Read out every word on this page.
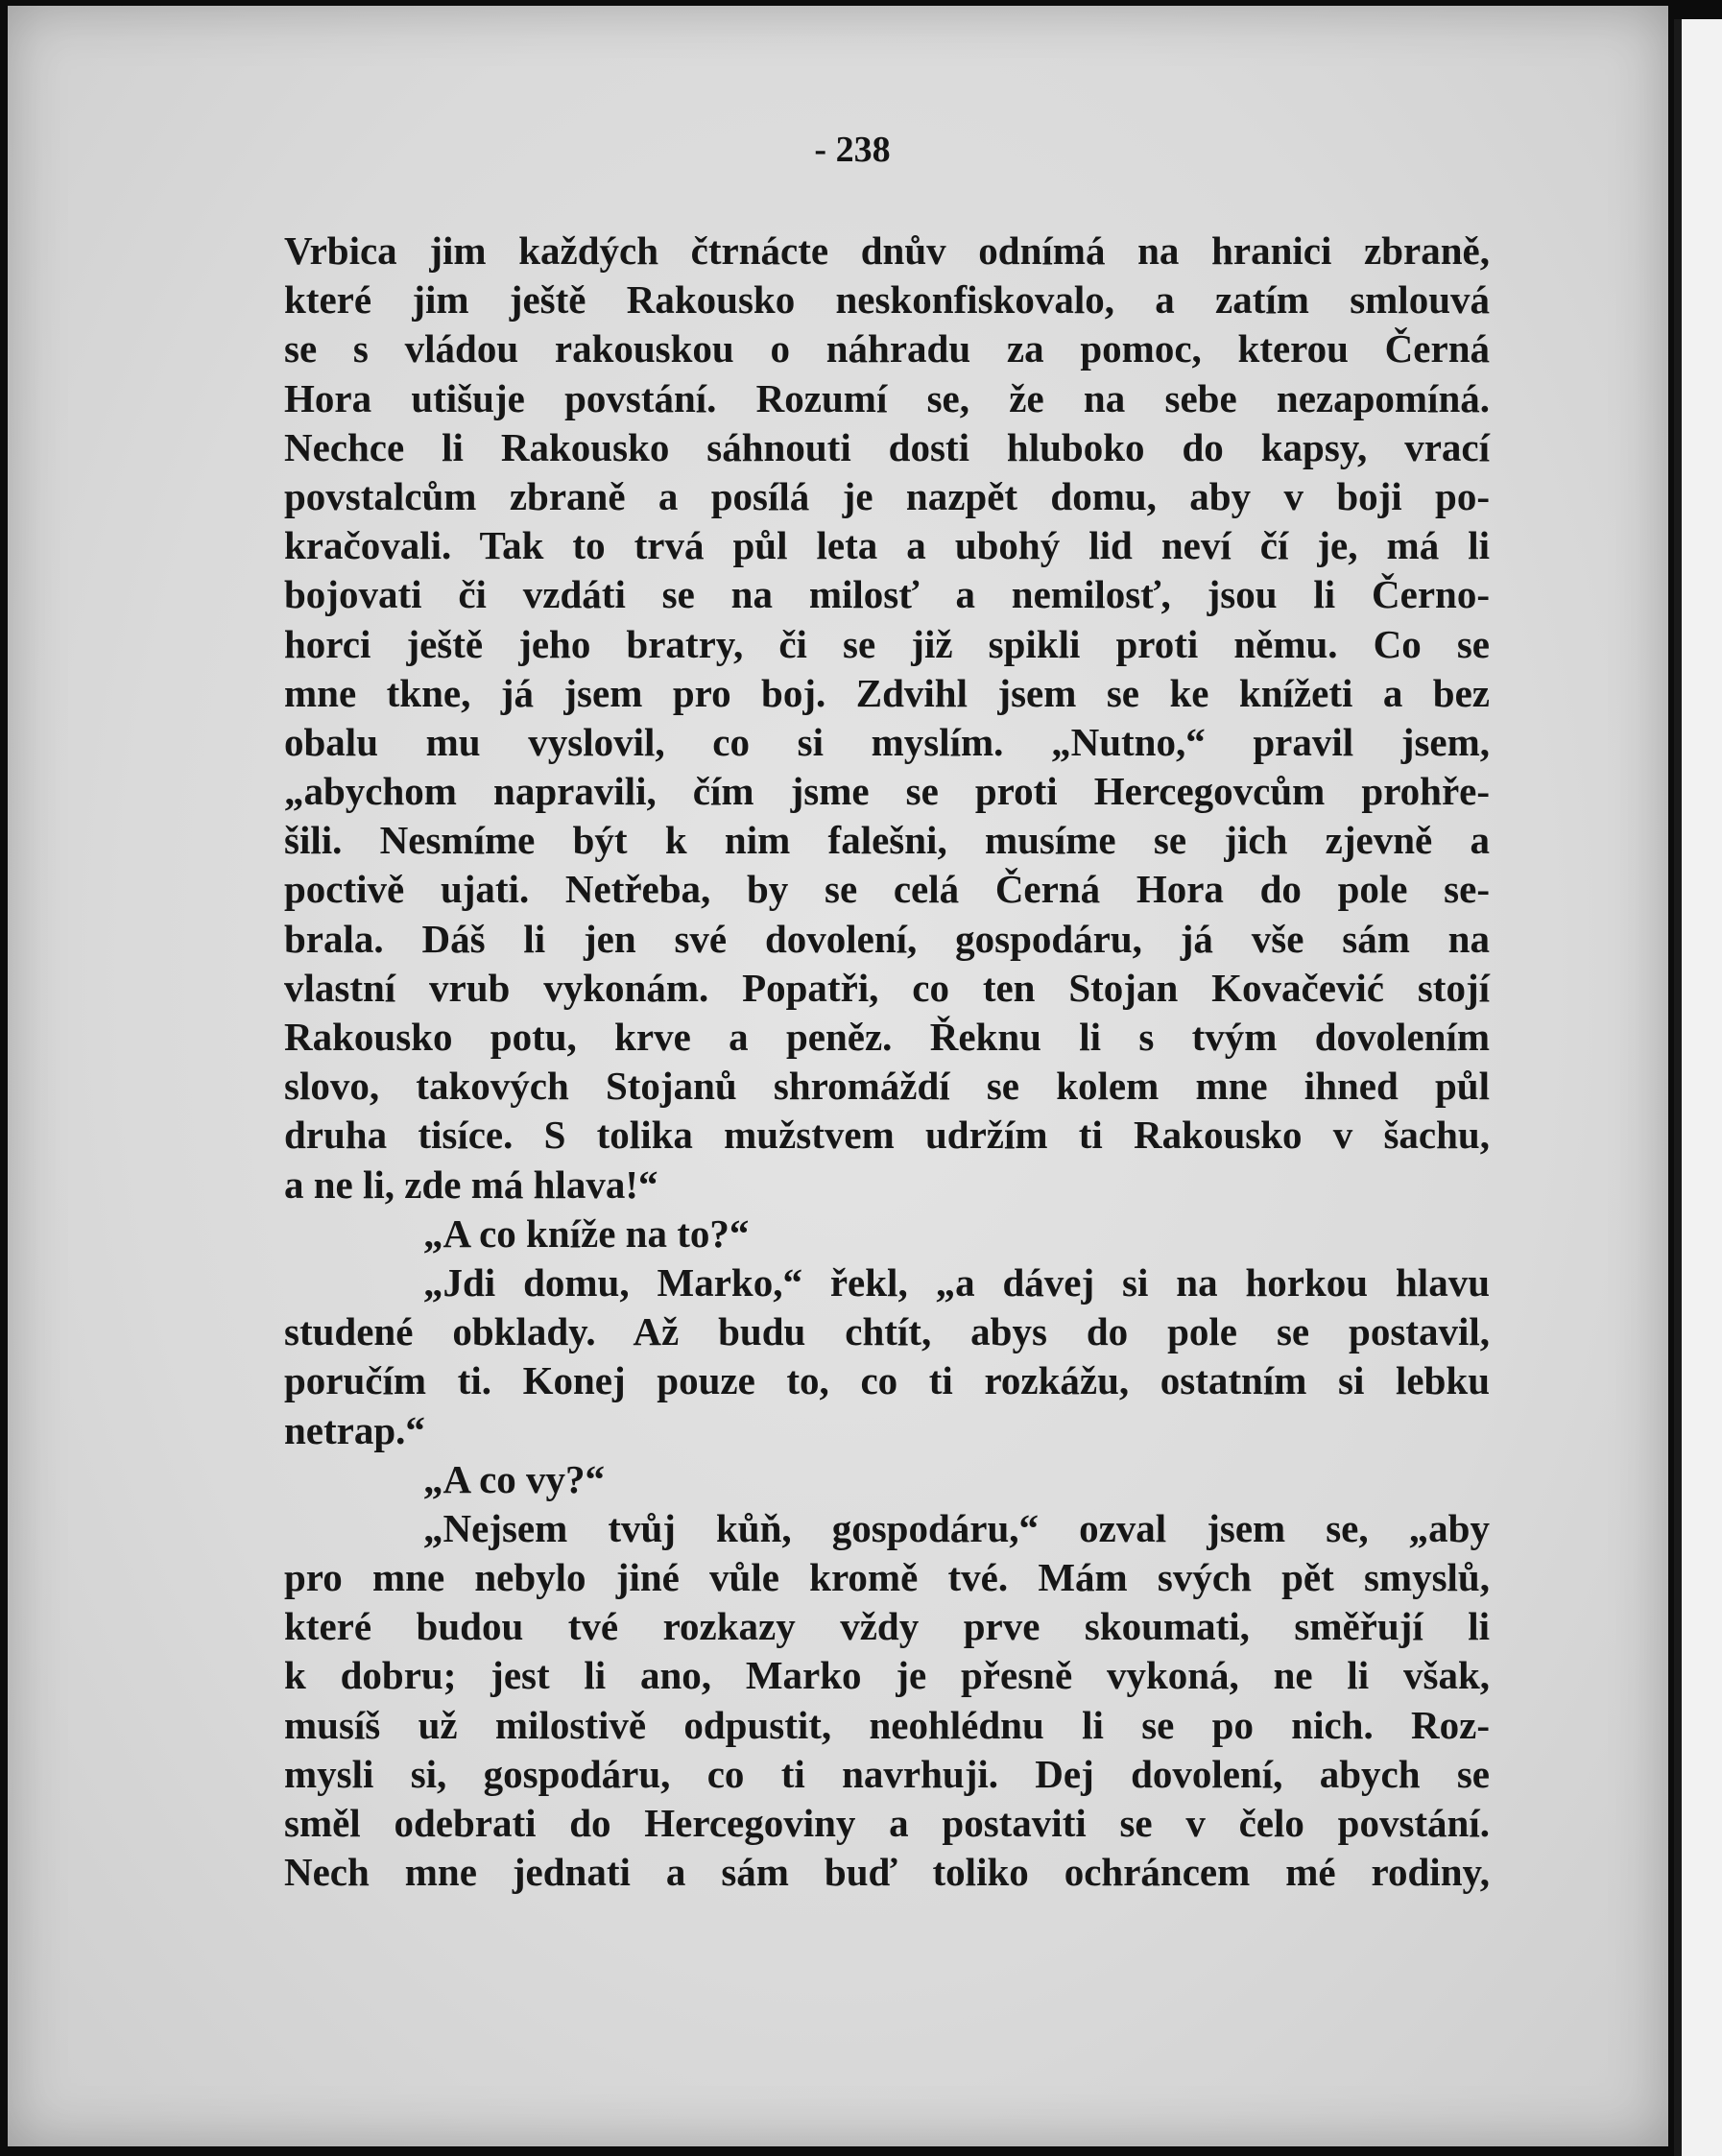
- 238
Vrbica jim každých čtrnácte dnův odnímá na hranici zbraně,
které jim ještě Rakousko neskonfiskovalo, a zatím smlouvá
se s vládou rakouskou o náhradu za pomoc, kterou Černá
Hora utišuje povstání. Rozumí se, že na sebe nezapomíná.
Nechce li Rakousko sáhnouti dosti hluboko do kapsy, vrací
povstalcům zbraně a posílá je nazpět domu, aby v boji po-
kračovali. Tak to trvá půl leta a ubohý lid neví čí je, má li
bojovati či vzdáti se na milosť a nemilosť, jsou li Černo-
horci ještě jeho bratry, či se již spikli proti němu. Co se
mne tkne, já jsem pro boj. Zdvihl jsem se ke knížeti a bez
obalu mu vyslovil, co si myslím. „Nutno,“ pravil jsem,
„abychom napravili, čím jsme se proti Hercegovcům prohře-
šili. Nesmíme být k nim falešni, musíme se jich zjevně a
poctivě ujati. Netřeba, by se celá Černá Hora do pole se-
brala. Dáš li jen své dovolení, gospodáru, já vše sám na
vlastní vrub vykonám. Popatři, co ten Stojan Kovačević stojí
Rakousko potu, krve a peněz. Řeknu li s tvým dovolením
slovo, takových Stojanů shromáždí se kolem mne ihned půl
druha tisíce. S tolika mužstvem udržím ti Rakousko v šachu,
a ne li, zde má hlava!“
„A co kníže na to?“
„Jdi domu, Marko,“ řekl, „a dávej si na horkou hlavu
studené obklady. Až budu chtít, abys do pole se postavil,
poručím ti. Konej pouze to, co ti rozkážu, ostatním si lebku
netrap.“
„A co vy?“
„Nejsem tvůj kůň, gospodáru,“ ozval jsem se, „aby
pro mne nebylo jiné vůle kromě tvé. Mám svých pět smyslů,
které budou tvé rozkazy vždy prve skoumati, směřují li
k dobru; jest li ano, Marko je přesně vykoná, ne li však,
musíš už milostivě odpustit, neohlédnu li se po nich. Roz-
mysli si, gospodáru, co ti navrhuji. Dej dovolení, abych se
směl odebrati do Hercegoviny a postaviti se v čelo povstání.
Nech mne jednati a sám buď toliko ochráncem mé rodiny,
